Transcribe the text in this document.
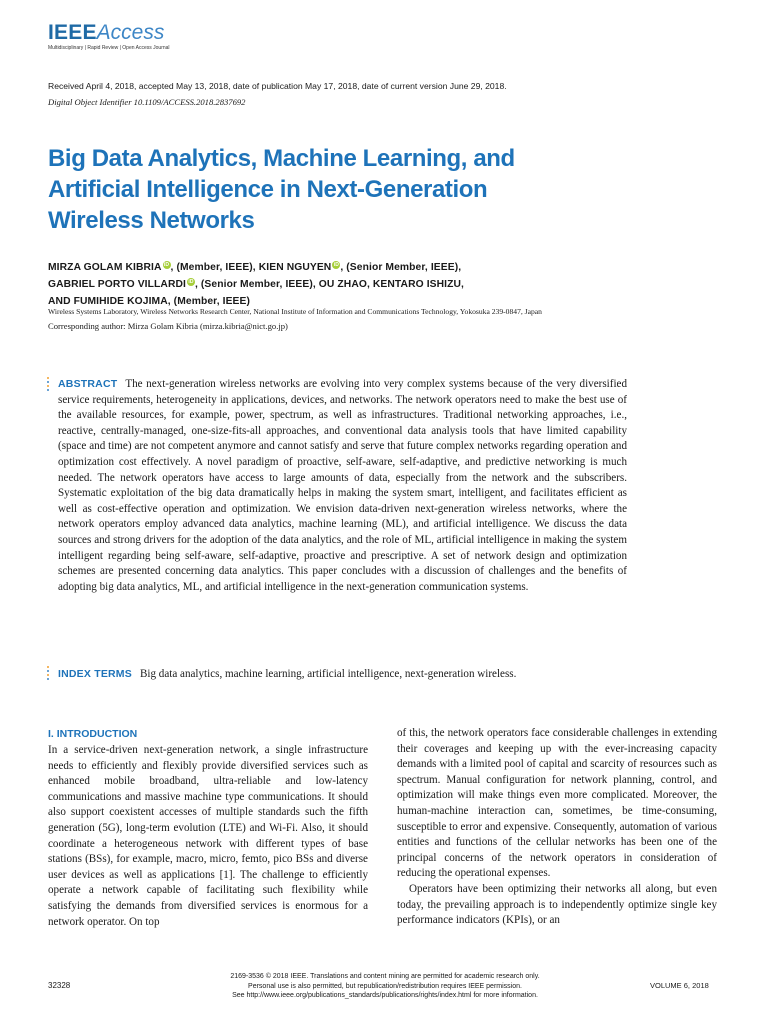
IEEEAccess
Multidisciplinary | Rapid Review | Open Access Journal
Received April 4, 2018, accepted May 13, 2018, date of publication May 17, 2018, date of current version June 29, 2018.
Digital Object Identifier 10.1109/ACCESS.2018.2837692
Big Data Analytics, Machine Learning, and
Artificial Intelligence in Next-Generation
Wireless Networks
MIRZA GOLAM KIBRIA iD, (Member, IEEE), KIEN NGUYEN iD, (Senior Member, IEEE),
GABRIEL PORTO VILLARDI iD, (Senior Member, IEEE), OU ZHAO, KENTARO ISHIZU,
AND FUMIHIDE KOJIMA, (Member, IEEE)
Wireless Systems Laboratory, Wireless Networks Research Center, National Institute of Information and Communications Technology, Yokosuka 239-0847, Japan
Corresponding author: Mirza Golam Kibria (mirza.kibria@nict.go.jp)

ABSTRACT The next-generation wireless networks are evolving into very complex systems because of the very diversified service requirements, heterogeneity in applications, devices, and networks. The network operators need to make the best use of the available resources, for example, power, spectrum, as well as infrastructures. Traditional networking approaches, i.e., reactive, centrally-managed, one-size-fits-all approaches, and conventional data analysis tools that have limited capability (space and time) are not competent anymore and cannot satisfy and serve that future complex networks regarding operation and optimization cost effectively. A novel paradigm of proactive, self-aware, self-adaptive, and predictive networking is much needed. The network operators have access to large amounts of data, especially from the network and the subscribers. Systematic exploitation of the big data dramatically helps in making the system smart, intelligent, and facilitates efficient as well as cost-effective operation and optimization. We envision data-driven next-generation wireless networks, where the network operators employ advanced data analytics, machine learning (ML), and artificial intelligence. We discuss the data sources and strong drivers for the adoption of the data analytics, and the role of ML, artificial intelligence in making the system intelligent regarding being self-aware, self-adaptive, proactive and prescriptive. A set of network design and optimization schemes are presented concerning data analytics. This paper concludes with a discussion of challenges and the benefits of adopting big data analytics, ML, and artificial intelligence in the next-generation communication systems.

INDEX TERMS Big data analytics, machine learning, artificial intelligence, next-generation wireless.
I. INTRODUCTION

In a service-driven next-generation network, a single infrastructure needs to efficiently and flexibly provide diversified services such as enhanced mobile broadband, ultra-reliable and low-latency communications and massive machine type communications. It should also support coexistent accesses of multiple standards such the fifth generation (5G), long-term evolution (LTE) and Wi-Fi. Also, it should coordinate a heterogeneous network with different types of base stations (BSs), for example, macro, micro, femto, pico BSs and diverse user devices as well as applications [1]. The challenge to efficiently operate a network capable of facilitating such flexibility while satisfying the demands from diversified services is enormous for a network operator. On top

of this, the network operators face considerable challenges in extending their coverages and keeping up with the ever-increasing capacity demands with a limited pool of capital and scarcity of resources such as spectrum. Manual configuration for network planning, control, and optimization will make things even more complicated. Moreover, the human-machine interaction can, sometimes, be time-consuming, susceptible to error and expensive. Consequently, automation of various entities and functions of the cellular networks has been one of the principal concerns of the network operators in consideration of reducing the operational expenses.

Operators have been optimizing their networks all along, but even today, the prevailing approach is to independently optimize single key performance indicators (KPIs), or an

32328
2169-3536 © 2018 IEEE. Translations and content mining are permitted for academic research only.
Personal use is also permitted, but republication/redistribution requires IEEE permission.
See http://www.ieee.org/publications_standards/publications/rights/index.html for more information.
VOLUME 6, 2018
